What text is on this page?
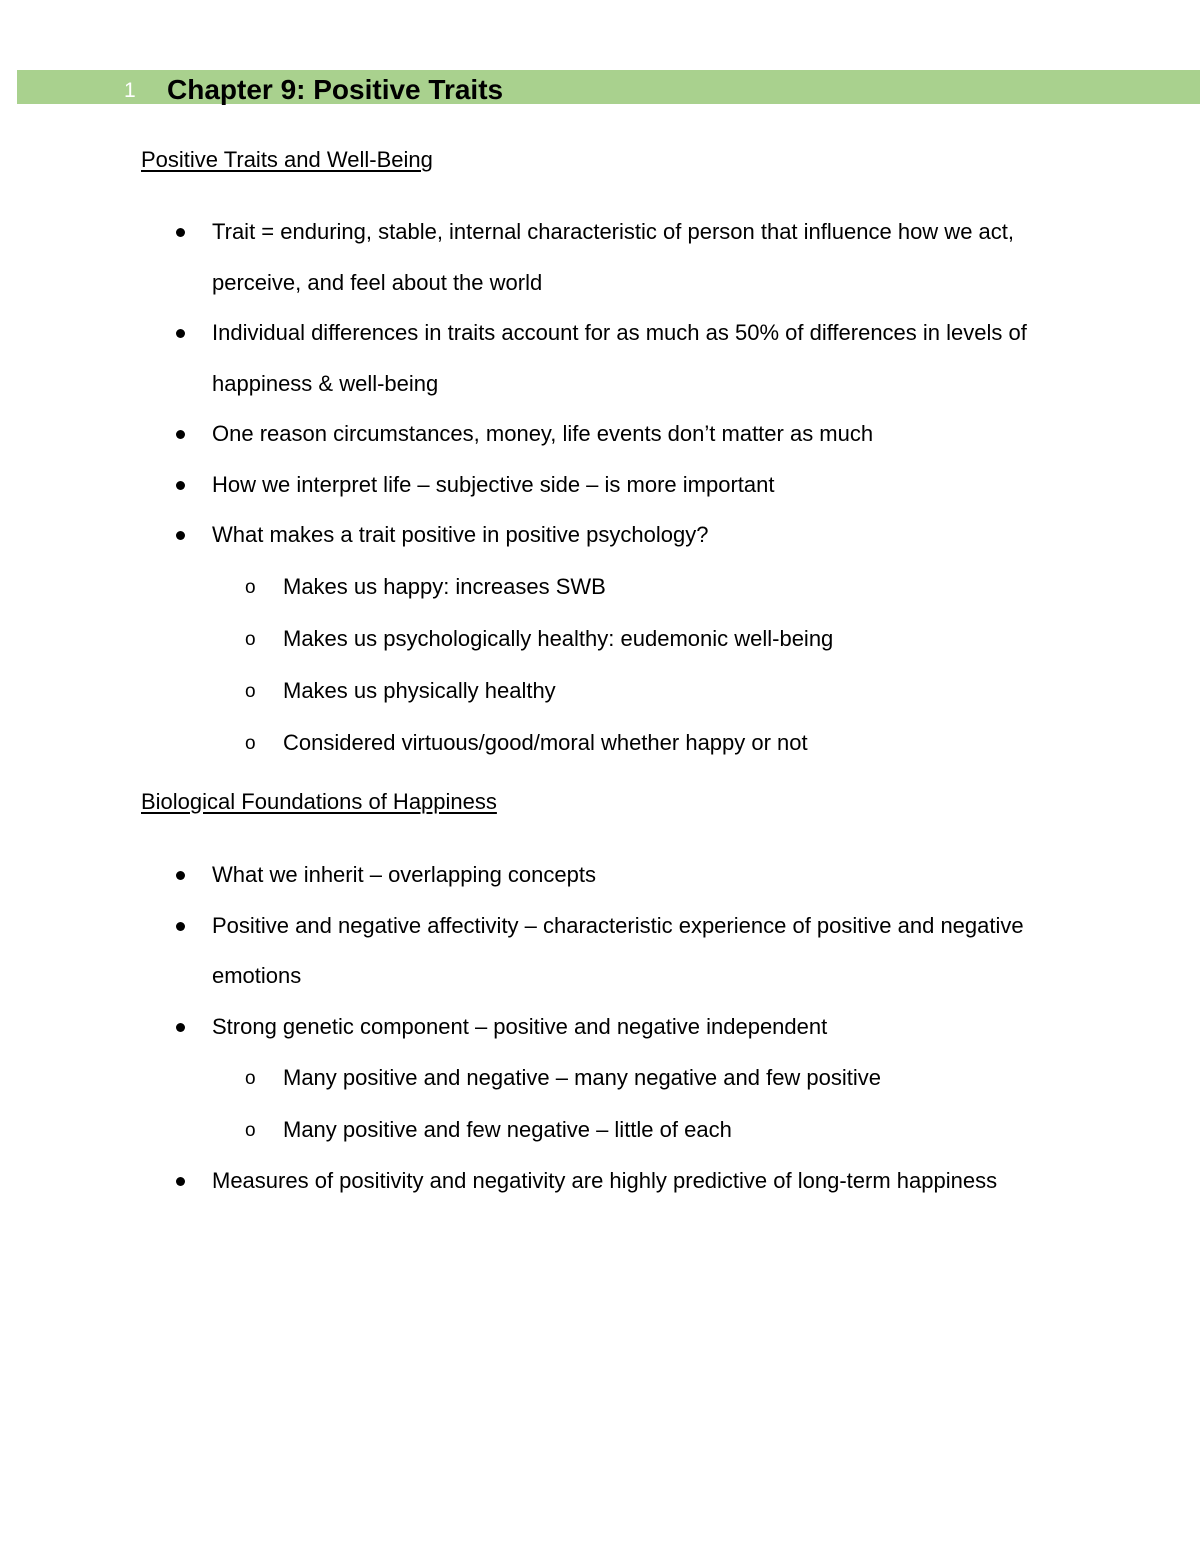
1 Chapter 9: Positive Traits
Positive Traits and Well-Being
Trait = enduring, stable, internal characteristic of person that influence how we act, perceive, and feel about the world
Individual differences in traits account for as much as 50% of differences in levels of happiness & well-being
One reason circumstances, money, life events don’t matter as much
How we interpret life – subjective side – is more important
What makes a trait positive in positive psychology?
o Makes us happy: increases SWB
o Makes us psychologically healthy: eudemonic well-being
o Makes us physically healthy
o Considered virtuous/good/moral whether happy or not
Biological Foundations of Happiness
What we inherit – overlapping concepts
Positive and negative affectivity – characteristic experience of positive and negative emotions
Strong genetic component – positive and negative independent
o Many positive and negative – many negative and few positive
o Many positive and few negative – little of each
Measures of positivity and negativity are highly predictive of long-term happiness
